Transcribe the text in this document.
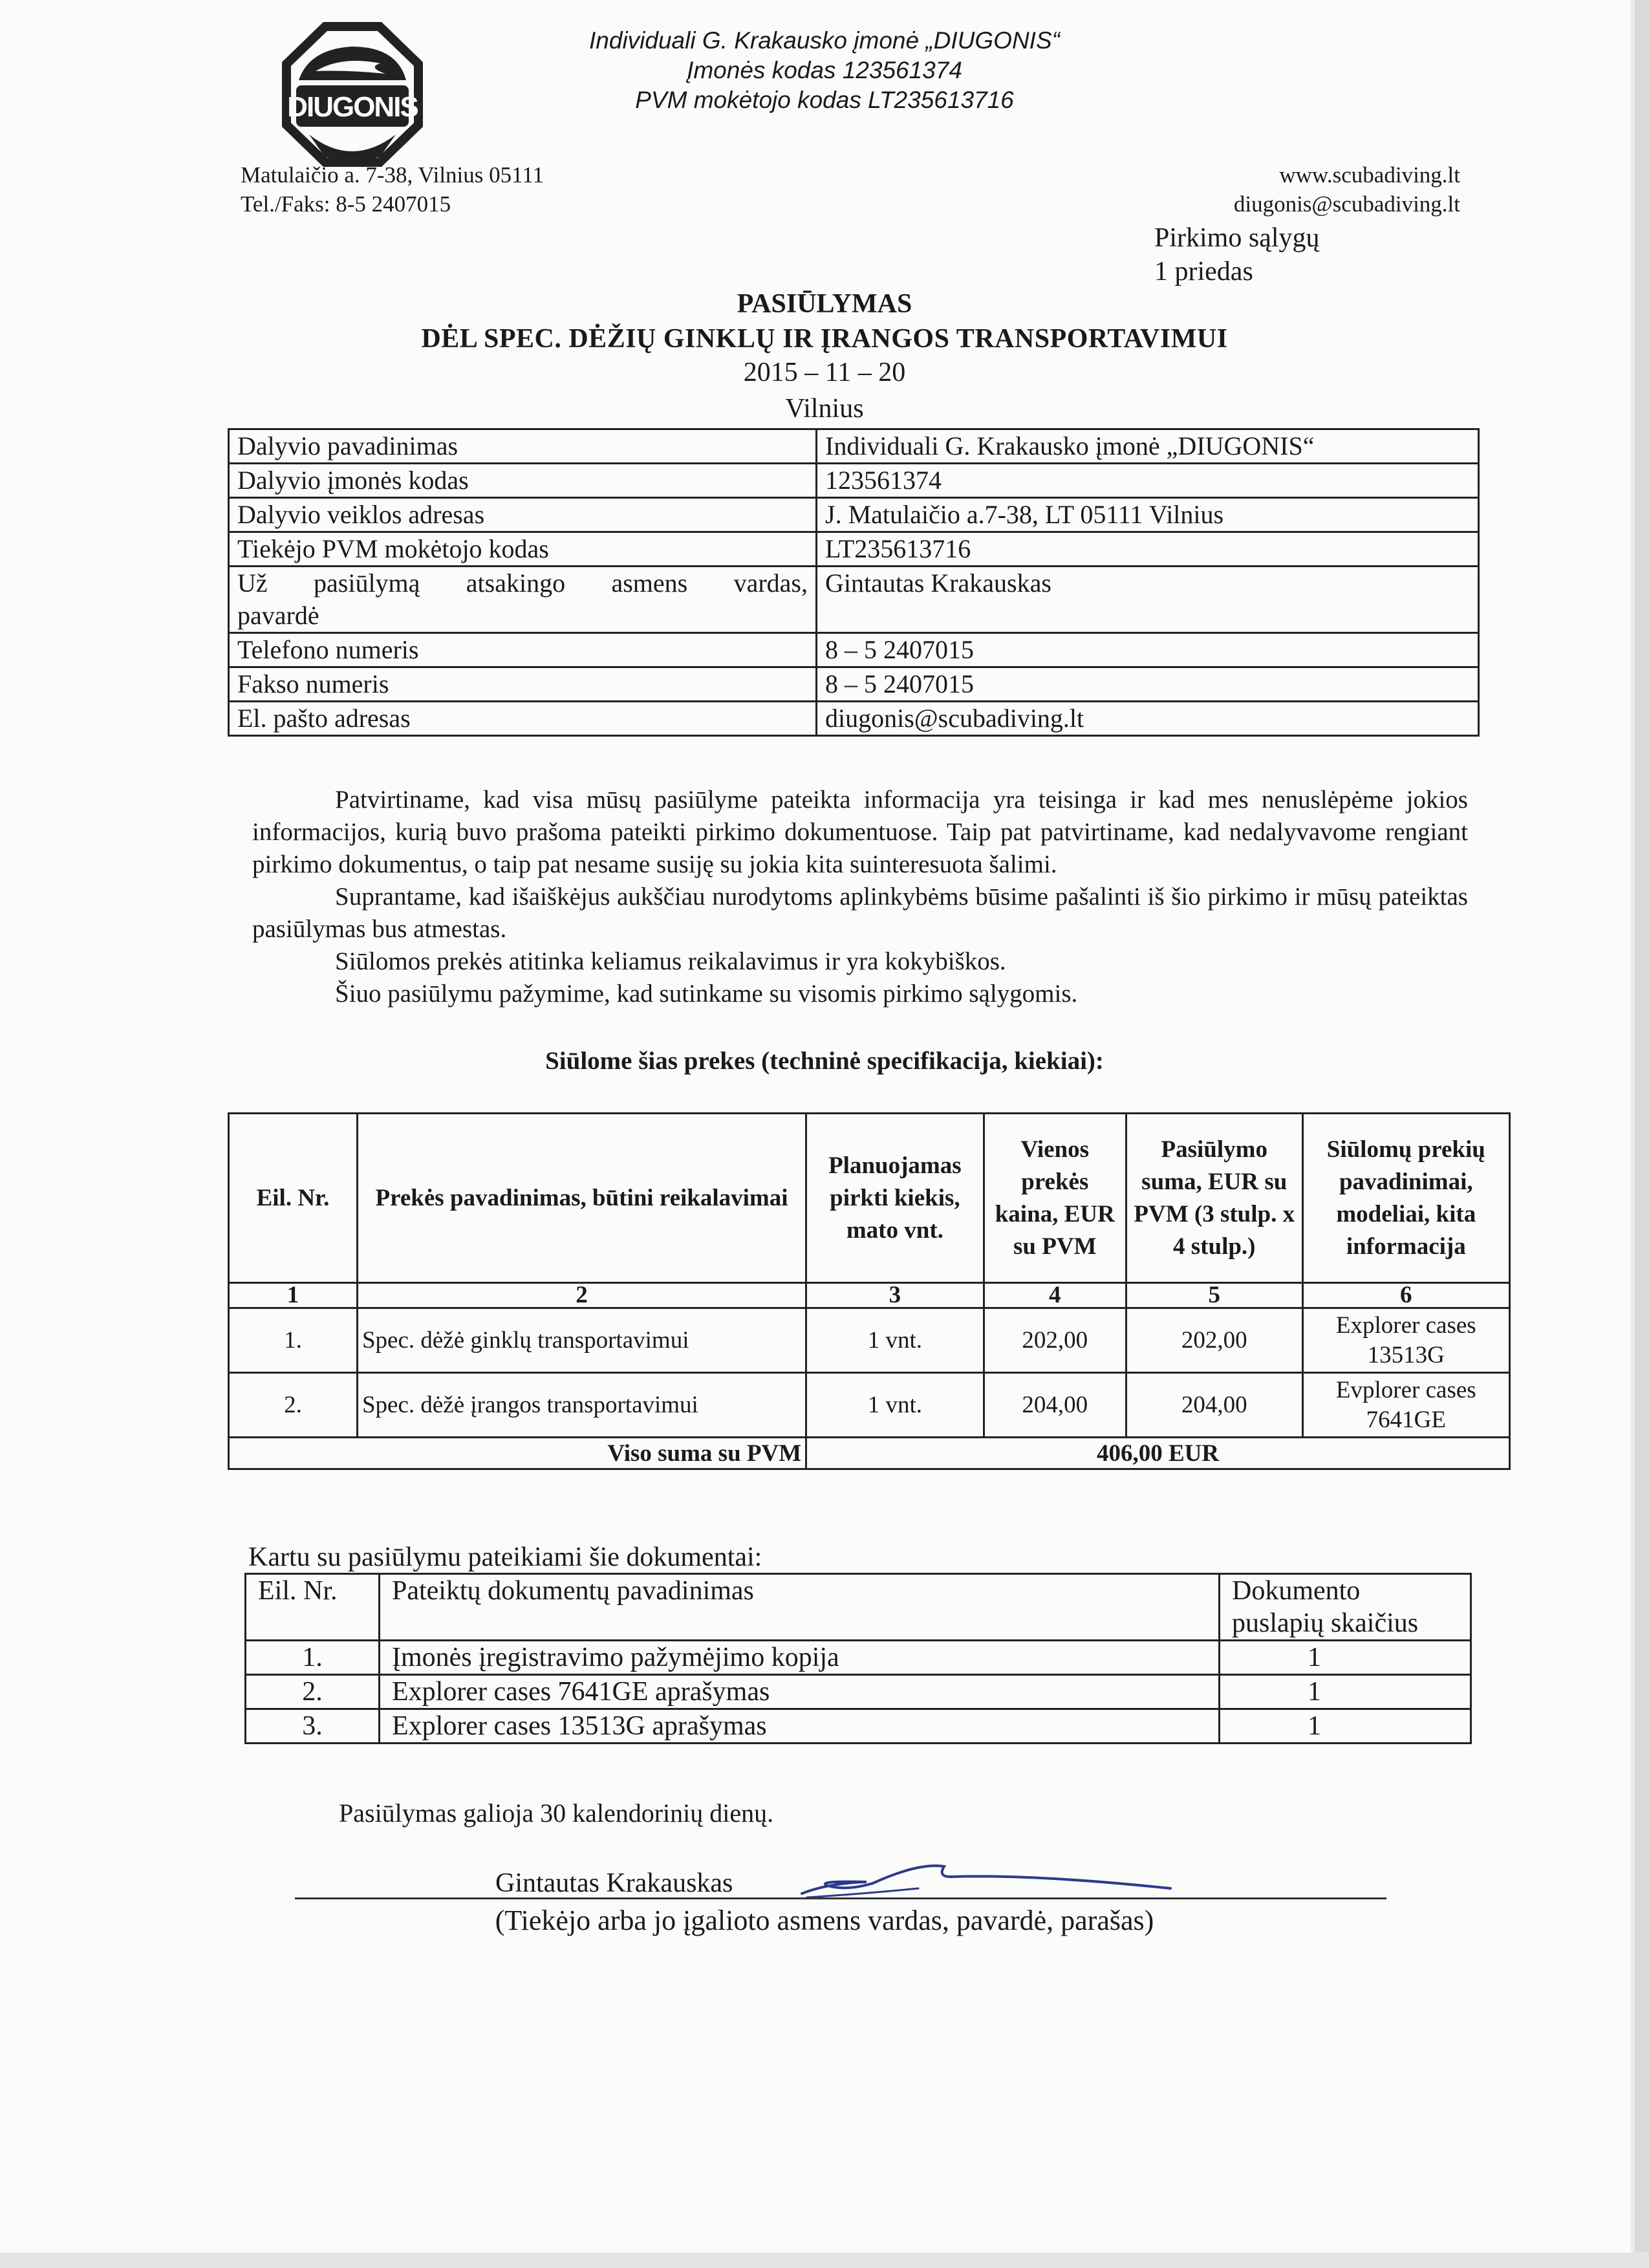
DIUGONIS
Individuali G. Krakausko įmonė „DIUGONIS“
Įmonės kodas 123561374
PVM mokėtojo kodas LT235613716
Matulaičio a. 7-38, Vilnius 05111
Tel./Faks: 8-5 2407015
www.scubadiving.lt
diugonis@scubadiving.lt
Pirkimo sąlygų
1 priedas
PASIŪLYMAS
DĖL SPEC. DĖŽIŲ GINKLŲ IR ĮRANGOS TRANSPORTAVIMUI
2015 – 11 – 20
Vilnius
Dalyvio pavadinimas	Individuali G. Krakausko įmonė „DIUGONIS“
Dalyvio įmonės kodas	123561374
Dalyvio veiklos adresas	J. Matulaičio a.7-38, LT 05111 Vilnius
Tiekėjo PVM mokėtojo kodas	LT235613716

Už pasiūlymą atsakingo asmens vardas,
pavardė	Gintautas Krakauskas
Telefono numeris	8 – 5 2407015
Fakso numeris	8 – 5 2407015
El. pašto adresas	diugonis@scubadiving.lt

Patvirtiname, kad visa mūsų pasiūlyme pateikta informacija yra teisinga ir kad mes nenuslėpėme jokios informacijos, kurią buvo prašoma pateikti pirkimo dokumentuose. Taip pat patvirtiname, kad nedalyvavome rengiant pirkimo dokumentus, o taip pat nesame susiję su jokia kita suinteresuota šalimi.

Suprantame, kad išaiškėjus aukščiau nurodytoms aplinkybėms būsime pašalinti iš šio pirkimo ir mūsų pateiktas pasiūlymas bus atmestas.

Siūlomos prekės atitinka keliamus reikalavimus ir yra kokybiškos.

Šiuo pasiūlymu pažymime, kad sutinkame su visomis pirkimo sąlygomis.

Siūlome šias prekes (techninė specifikacija, kiekiai):
Eil. Nr.	Prekės pavadinimas, būtini reikalavimai	Planuojamas pirkti kiekis, mato vnt.	Vienos prekės kaina, EUR su PVM	Pasiūlymo suma, EUR su PVM (3 stulp. x 4 stulp.)	Siūlomų prekių pavadinimai, modeliai, kita informacija
1	2	3	4	5	6
1.	Spec. dėžė ginklų transportavimui	1 vnt.	202,00	202,00	Explorer cases 13513G
2.	Spec. dėžė įrangos transportavimui	1 vnt.	204,00	204,00	Evplorer cases 7641GE
Viso suma su PVM		406,00 EUR			
Kartu su pasiūlymu pateikiami šie dokumentai:
Eil. Nr.	Pateiktų dokumentų pavadinimas	Dokumento puslapių skaičius
1.	Įmonės įregistravimo pažymėjimo kopija	1
2.	Explorer cases 7641GE aprašymas	1
3.	Explorer cases 13513G aprašymas	1
Pasiūlymas galioja 30 kalendorinių dienų.
Gintautas Krakauskas
(Tiekėjo arba jo įgalioto asmens vardas, pavardė, parašas)
